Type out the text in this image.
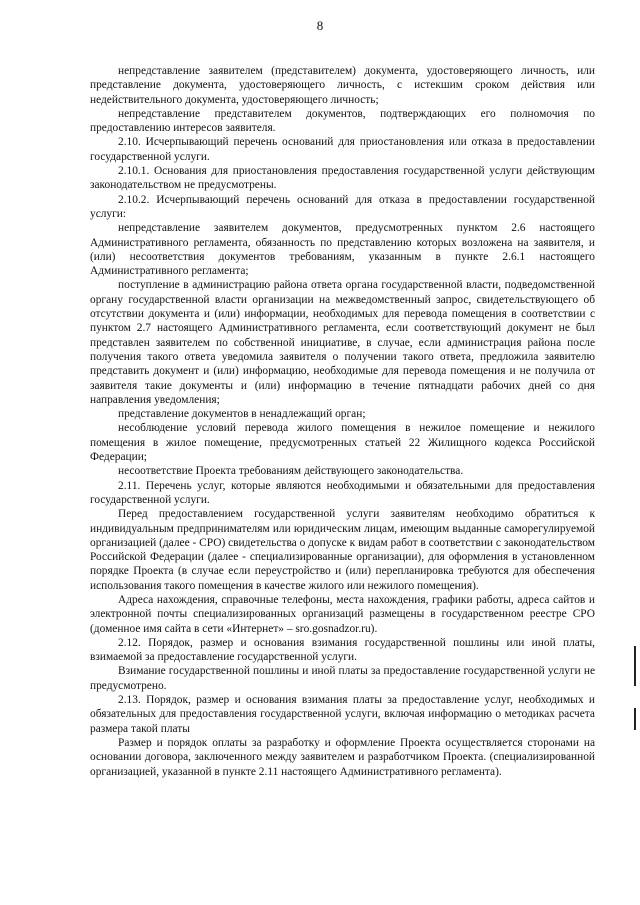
8

непредставление заявителем (представителем) документа, удостоверяющего личность, или представление документа, удостоверяющего личность, с истекшим сроком действия или недействительного документа, удостоверяющего личность;

непредставление представителем документов, подтверждающих его полномочия по предоставлению интересов заявителя.

2.10. Исчерпывающий перечень оснований для приостановления или отказа в предоставлении государственной услуги.

2.10.1. Основания для приостановления предоставления государственной услуги действующим законодательством не предусмотрены.

2.10.2. Исчерпывающий перечень оснований для отказа в предоставлении государственной услуги:

непредставление заявителем документов, предусмотренных пунктом 2.6 настоящего Административного регламента, обязанность по представлению которых возложена на заявителя, и (или) несоответствия документов требованиям, указанным в пункте 2.6.1 настоящего Административного регламента;

поступление в администрацию района ответа органа государственной власти, подведомственной органу государственной власти организации на межведомственный запрос, свидетельствующего об отсутствии документа и (или) информации, необходимых для перевода помещения в соответствии с пунктом 2.7 настоящего Административного регламента, если соответствующий документ не был представлен заявителем по собственной инициативе, в случае, если администрация района после получения такого ответа уведомила заявителя о получении такого ответа, предложила заявителю представить документ и (или) информацию, необходимые для перевода помещения и не получила от заявителя такие документы и (или) информацию в течение пятнадцати рабочих дней со дня направления уведомления;

представление документов в ненадлежащий орган;

несоблюдение условий перевода жилого помещения в нежилое помещение и нежилого помещения в жилое помещение, предусмотренных статьей 22 Жилищного кодекса Российской Федерации;

несоответствие Проекта требованиям действующего законодательства.

2.11. Перечень услуг, которые являются необходимыми и обязательными для предоставления государственной услуги.

Перед предоставлением государственной услуги заявителям необходимо обратиться к индивидуальным предпринимателям или юридическим лицам, имеющим выданные саморегулируемой организацией (далее - СРО) свидетельства о допуске к видам работ в соответствии с законодательством Российской Федерации (далее - специализированные организации), для оформления в установленном порядке Проекта (в случае если переустройство и (или) перепланировка требуются для обеспечения использования такого помещения в качестве жилого или нежилого помещения).

Адреса нахождения, справочные телефоны, места нахождения, графики работы, адреса сайтов и электронной почты специализированных организаций размещены в государственном реестре СРО (доменное имя сайта в сети «Интернет» – sro.gosnadzor.ru).

2.12. Порядок, размер и основания взимания государственной пошлины или иной платы, взимаемой за предоставление государственной услуги.

Взимание государственной пошлины и иной платы за предоставление государственной услуги не предусмотрено.

2.13. Порядок, размер и основания взимания платы за предоставление услуг, необходимых и обязательных для предоставления государственной услуги, включая информацию о методиках расчета размера такой платы

Размер и порядок оплаты за разработку и оформление Проекта осуществляется сторонами на основании договора, заключенного между заявителем и разработчиком Проекта. (специализированной организацией, указанной в пункте 2.11 настоящего Административного регламента).
